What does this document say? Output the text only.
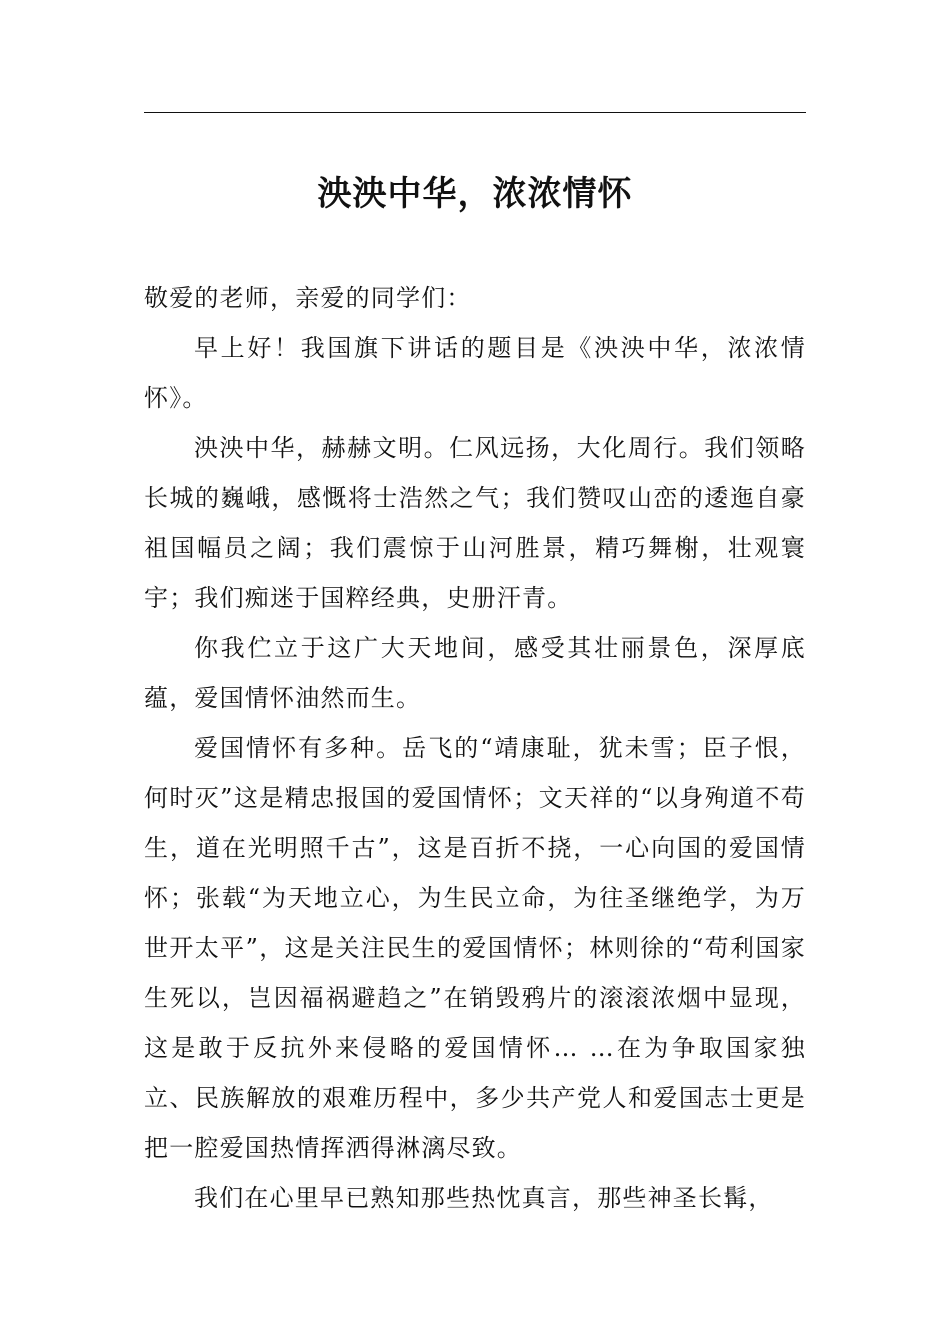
泱泱中华，浓浓情怀

敬爱的老师，亲爱的同学们：

早上好！我国旗下讲话的题目是《泱泱中华，浓浓情怀》。

泱泱中华，赫赫文明。仁风远扬，大化周行。我们领略长城的巍峨，感慨将士浩然之气；我们赞叹山峦的逶迤自豪祖国幅员之阔；我们震惊于山河胜景，精巧舞榭，壮观寰宇；我们痴迷于国粹经典，史册汗青。

你我伫立于这广大天地间，感受其壮丽景色，深厚底蕴，爱国情怀油然而生。

爱国情怀有多种。岳飞的“靖康耻，犹未雪；臣子恨，何时灭”这是精忠报国的爱国情怀；文天祥的“以身殉道不苟生，道在光明照千古”，这是百折不挠，一心向国的爱国情怀；张载“为天地立心，为生民立命，为往圣继绝学，为万世开太平”，这是关注民生的爱国情怀；林则徐的“苟利国家生死以，岂因福祸避趋之”在销毁鸦片的滚滚浓烟中显现，这是敢于反抗外来侵略的爱国情怀… …在为争取国家独立、民族解放的艰难历程中，多少共产党人和爱国志士更是把一腔爱国热情挥洒得淋漓尽致。

我们在心里早已熟知那些热忱真言，那些神圣长髯，
